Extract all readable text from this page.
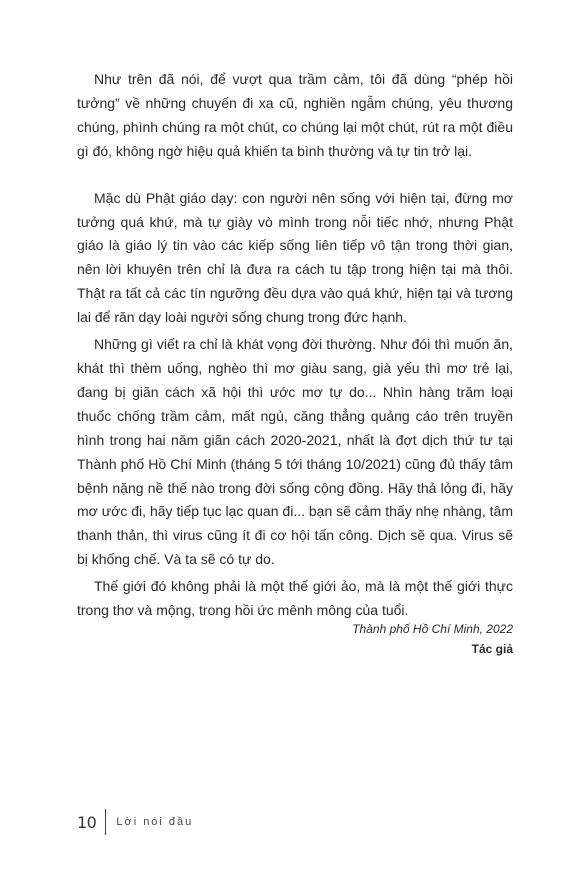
Như trên đã nói, để vượt qua trầm cảm, tôi đã dùng “phép hồi tưởng” về những chuyến đi xa cũ, nghiền ngẫm chúng, yêu thương chúng, phình chúng ra một chút, co chúng lại một chút, rút ra một điều gì đó, không ngờ hiệu quả khiến ta bình thường và tự tin trở lại.

Mặc dù Phật giáo dạy: con người nên sống với hiện tại, đừng mơ tưởng quá khứ, mà tự giày vò mình trong nỗi tiếc nhớ, nhưng Phật giáo là giáo lý tin vào các kiếp sống liên tiếp vô tận trong thời gian, nên lời khuyên trên chỉ là đưa ra cách tu tập trong hiện tại mà thôi. Thật ra tất cả các tín ngưỡng đều dựa vào quá khứ, hiện tại và tương lai để răn dạy loài người sống chung trong đức hạnh.

Những gì viết ra chỉ là khát vọng đời thường. Như đói thì muốn ăn, khát thì thèm uống, nghèo thì mơ giàu sang, già yếu thì mơ trẻ lại, đang bị giãn cách xã hội thì ước mơ tự do... Nhìn hàng trăm loại thuốc chống trầm cảm, mất ngủ, căng thẳng quảng cáo trên truyền hình trong hai năm giãn cách 2020-2021, nhất là đợt dịch thứ tư tại Thành phố Hồ Chí Minh (tháng 5 tới tháng 10/2021) cũng đủ thấy tâm bệnh nặng nề thế nào trong đời sống cộng đồng. Hãy thả lỏng đi, hãy mơ ước đi, hãy tiếp tục lạc quan đi... bạn sẽ cảm thấy nhẹ nhàng, tâm thanh thản, thì virus cũng ít đi cơ hội tấn công. Dịch sẽ qua. Virus sẽ bị khống chế. Và ta sẽ có tự do.

Thế giới đó không phải là một thế giới ảo, mà là một thế giới thực trong thơ và mộng, trong hồi ức mênh mông của tuổi.

Thành phố Hồ Chí Minh, 2022
Tác giả
10 Lời nói đầu
